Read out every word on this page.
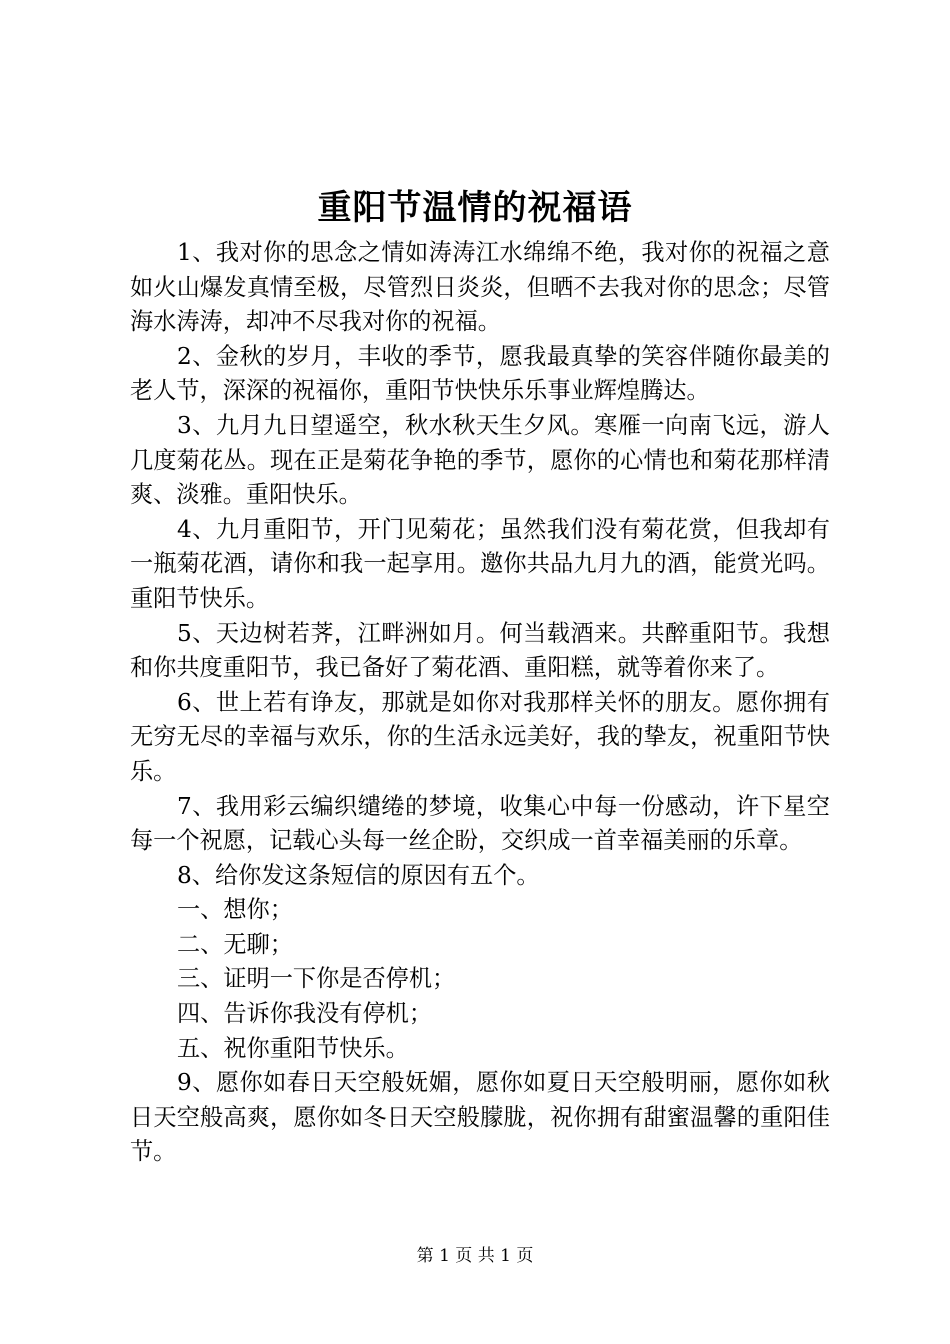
重阳节温情的祝福语

1、我对你的思念之情如涛涛江水绵绵不绝，我对你的祝福之意如火山爆发真情至极，尽管烈日炎炎，但晒不去我对你的思念；尽管海水涛涛，却冲不尽我对你的祝福。

2、金秋的岁月，丰收的季节，愿我最真挚的笑容伴随你最美的老人节，深深的祝福你，重阳节快快乐乐事业辉煌腾达。

3、九月九日望遥空，秋水秋天生夕风。寒雁一向南飞远，游人几度菊花丛。现在正是菊花争艳的季节，愿你的心情也和菊花那样清爽、淡雅。重阳快乐。

4、九月重阳节，开门见菊花；虽然我们没有菊花赏，但我却有一瓶菊花酒，请你和我一起享用。邀你共品九月九的酒，能赏光吗。重阳节快乐。

5、天边树若荠，江畔洲如月。何当载酒来。共醉重阳节。我想和你共度重阳节，我已备好了菊花酒、重阳糕，就等着你来了。

6、世上若有诤友，那就是如你对我那样关怀的朋友。愿你拥有无穷无尽的幸福与欢乐，你的生活永远美好，我的挚友，祝重阳节快乐。

7、我用彩云编织缱绻的梦境，收集心中每一份感动，许下星空每一个祝愿，记载心头每一丝企盼，交织成一首幸福美丽的乐章。

8、给你发这条短信的原因有五个。

一、想你；

二、无聊；

三、证明一下你是否停机；

四、告诉你我没有停机；

五、祝你重阳节快乐。

9、愿你如春日天空般妩媚，愿你如夏日天空般明丽，愿你如秋日天空般高爽，愿你如冬日天空般朦胧，祝你拥有甜蜜温馨的重阳佳节。

第 1 页 共 1 页
